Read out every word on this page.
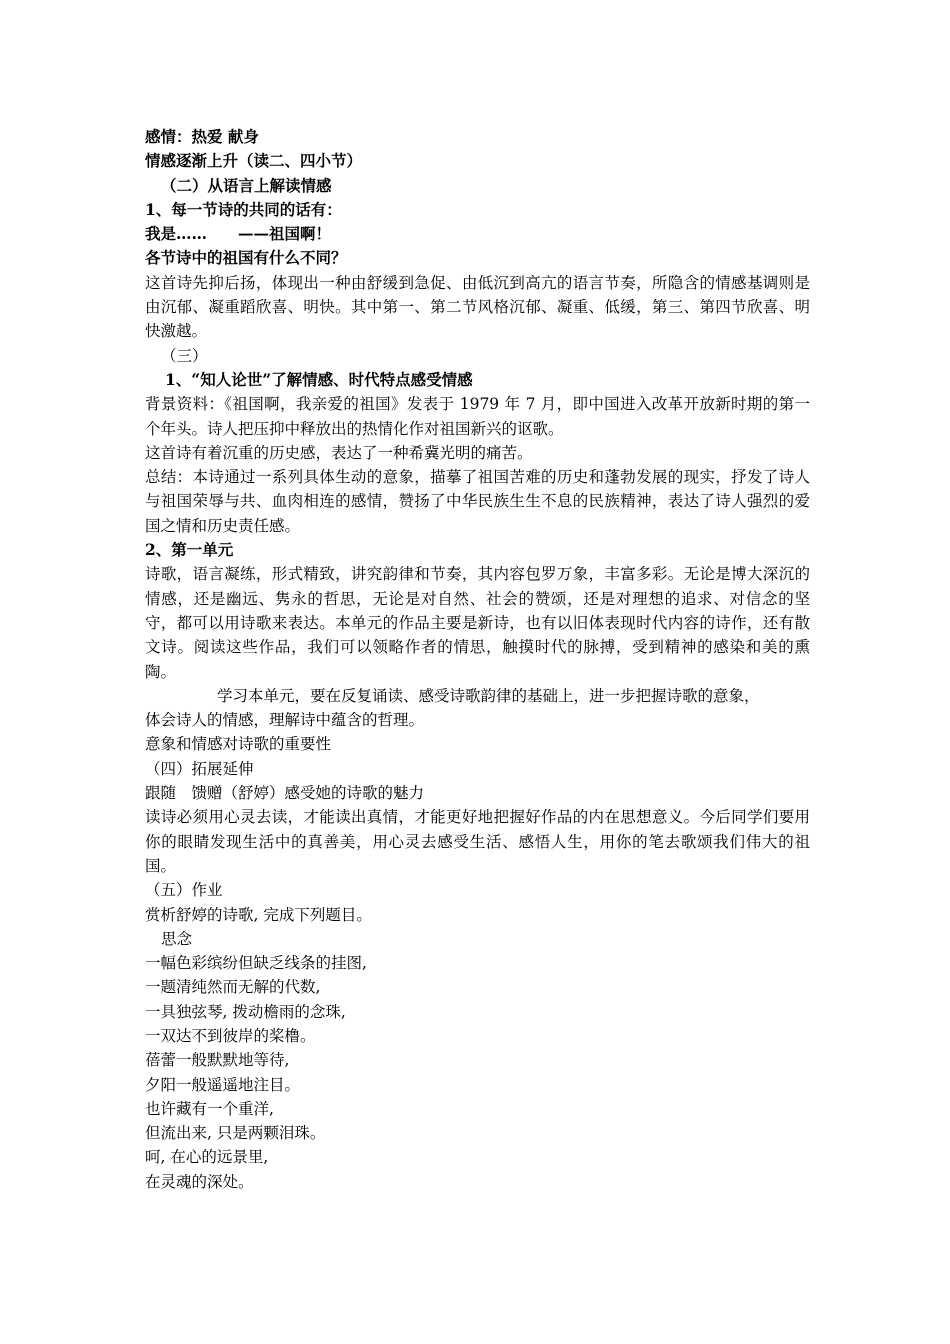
感情：热爱 献身
情感逐渐上升（读二、四小节）
（二）从语言上解读情感
1、每一节诗的共同的话有：
我是……　　——祖国啊！
各节诗中的祖国有什么不同？
这首诗先抑后扬，体现出一种由舒缓到急促、由低沉到高亢的语言节奏，所隐含的情感基调则是由沉郁、凝重蹈欣喜、明快。其中第一、第二节风格沉郁、凝重、低缓，第三、第四节欣喜、明快激越。
（三）
1、“知人论世”了解情感、时代特点感受情感
背景资料：《祖国啊，我亲爱的祖国》发表于 1979 年 7 月，即中国进入改革开放新时期的第一个年头。诗人把压抑中释放出的热情化作对祖国新兴的讴歌。
这首诗有着沉重的历史感，表达了一种希冀光明的痛苦。
总结：本诗通过一系列具体生动的意象，描摹了祖国苦难的历史和蓬勃发展的现实，抒发了诗人与祖国荣辱与共、血肉相连的感情，赞扬了中华民族生生不息的民族精神，表达了诗人强烈的爱国之情和历史责任感。
2、第一单元
诗歌，语言凝练，形式精致，讲究韵律和节奏，其内容包罗万象，丰富多彩。无论是博大深沉的情感，还是幽远、隽永的哲思，无论是对自然、社会的赞颂，还是对理想的追求、对信念的坚守，都可以用诗歌来表达。本单元的作品主要是新诗，也有以旧体表现时代内容的诗作，还有散文诗。阅读这些作品，我们可以领略作者的情思，触摸时代的脉搏，受到精神的感染和美的熏陶。
学习本单元，要在反复诵读、感受诗歌韵律的基础上，进一步把握诗歌的意象，
体会诗人的情感，理解诗中蕴含的哲理。
意象和情感对诗歌的重要性
（四）拓展延伸
跟随　馈赠（舒婷）感受她的诗歌的魅力
读诗必须用心灵去读，才能读出真情，才能更好地把握好作品的内在思想意义。今后同学们要用你的眼睛发现生活中的真善美，用心灵去感受生活、感悟人生，用你的笔去歌颂我们伟大的祖国。
（五）作业
赏析舒婷的诗歌, 完成下列题目。
思念
一幅色彩缤纷但缺乏线条的挂图,
一题清纯然而无解的代数,
一具独弦琴, 拨动檐雨的念珠,
一双达不到彼岸的桨橹。
蓓蕾一般默默地等待,
夕阳一般遥遥地注目。
也许藏有一个重洋,
但流出来, 只是两颗泪珠。
呵, 在心的远景里,
在灵魂的深处。
